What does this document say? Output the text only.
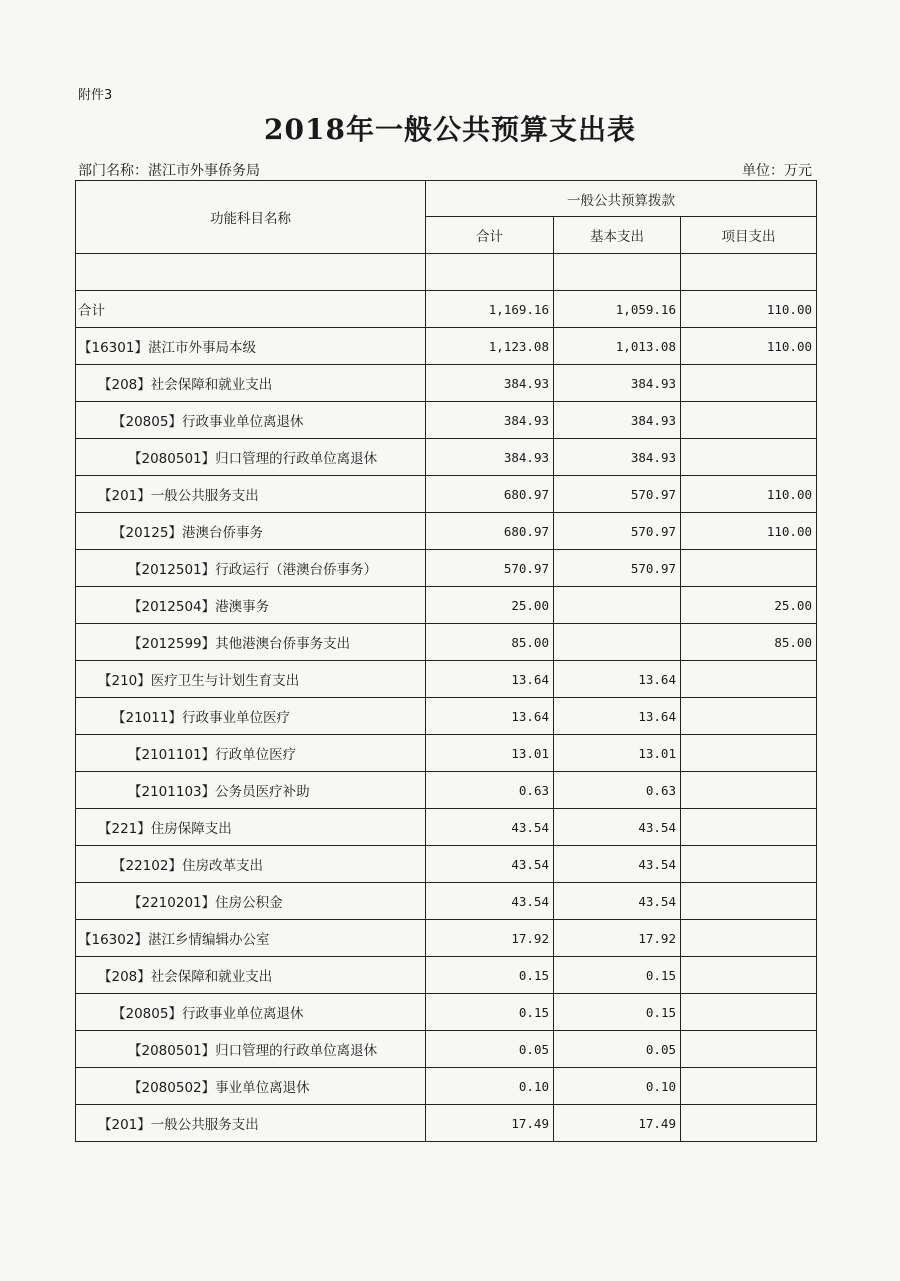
附件3
2018年一般公共预算支出表
部门名称：湛江市外事侨务局	单位：万元
功能科目名称	一般公共预算拨款		
	合计	基本支出	项目支出

合计	1,169.16	1,059.16	110.00
【16301】湛江市外事局本级	1,123.08	1,013.08	110.00
【208】社会保障和就业支出	384.93	384.93	
【20805】行政事业单位离退休	384.93	384.93	
【2080501】归口管理的行政单位离退休	384.93	384.93	
【201】一般公共服务支出	680.97	570.97	110.00
【20125】港澳台侨事务	680.97	570.97	110.00
【2012501】行政运行（港澳台侨事务）	570.97	570.97	
【2012504】港澳事务	25.00		25.00
【2012599】其他港澳台侨事务支出	85.00		85.00
【210】医疗卫生与计划生育支出	13.64	13.64	
【21011】行政事业单位医疗	13.64	13.64	
【2101101】行政单位医疗	13.01	13.01	
【2101103】公务员医疗补助	0.63	0.63	
【221】住房保障支出	43.54	43.54	
【22102】住房改革支出	43.54	43.54	
【2210201】住房公积金	43.54	43.54	
【16302】湛江乡情编辑办公室	17.92	17.92	
【208】社会保障和就业支出	0.15	0.15	
【20805】行政事业单位离退休	0.15	0.15	
【2080501】归口管理的行政单位离退休	0.05	0.05	
【2080502】事业单位离退休	0.10	0.10	
【201】一般公共服务支出	17.49	17.49	
